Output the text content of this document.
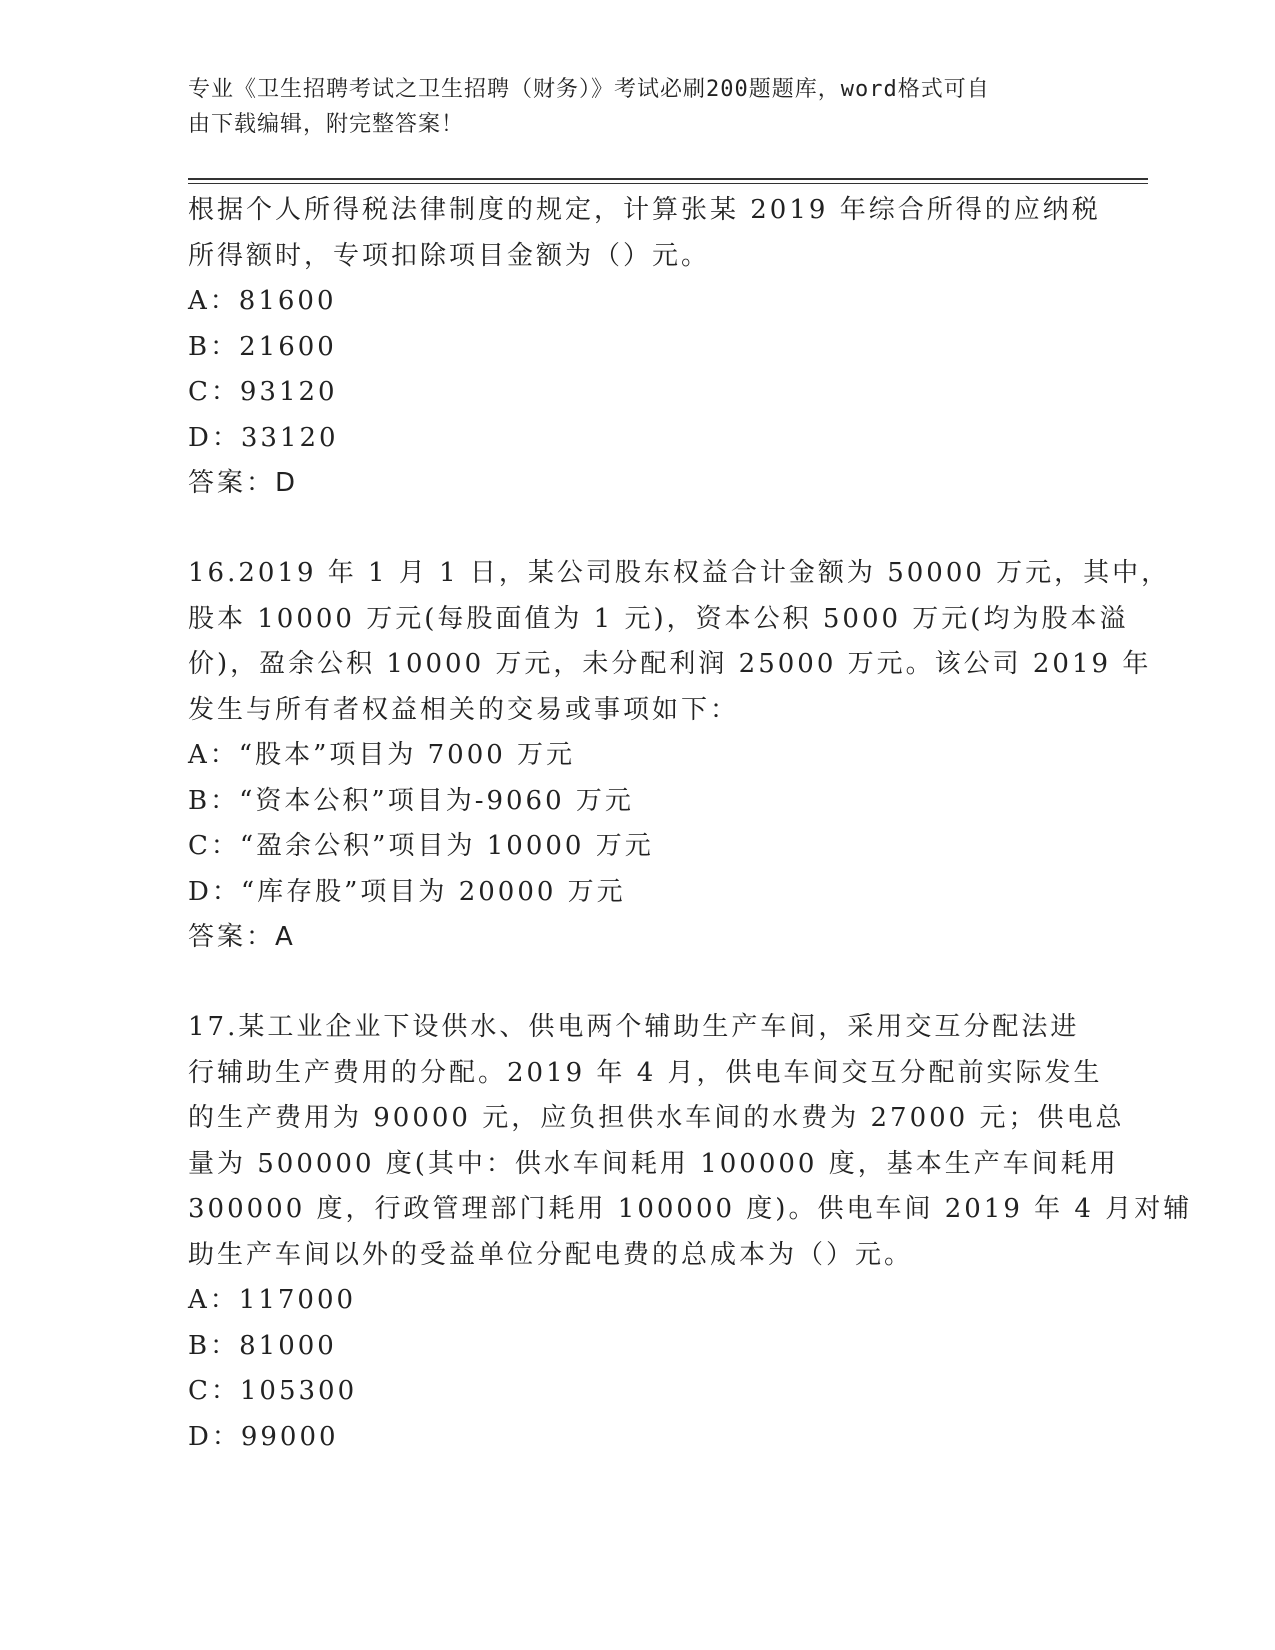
专业《卫生招聘考试之卫生招聘（财务）》考试必刷200题题库，word格式可自
由下载编辑，附完整答案！

根据个人所得税法律制度的规定，计算张某 2019 年综合所得的应纳税

所得额时，专项扣除项目金额为（）元。

A：81600

B：21600

C：93120

D：33120

答案：D

16.2019 年 1 月 1 日，某公司股东权益合计金额为 50000 万元，其中，

股本 10000 万元(每股面值为 1 元)，资本公积 5000 万元(均为股本溢

价)，盈余公积 10000 万元，未分配利润 25000 万元。该公司 2019 年

发生与所有者权益相关的交易或事项如下：

A：“股本”项目为 7000 万元

B：“资本公积”项目为-9060 万元

C：“盈余公积”项目为 10000 万元

D：“库存股”项目为 20000 万元

答案：A

17.某工业企业下设供水、供电两个辅助生产车间，采用交互分配法进

行辅助生产费用的分配。2019 年 4 月，供电车间交互分配前实际发生

的生产费用为 90000 元，应负担供水车间的水费为 27000 元；供电总

量为 500000 度(其中：供水车间耗用 100000 度，基本生产车间耗用

300000 度，行政管理部门耗用 100000 度)。供电车间 2019 年 4 月对辅

助生产车间以外的受益单位分配电费的总成本为（）元。

A：117000

B：81000

C：105300

D：99000
